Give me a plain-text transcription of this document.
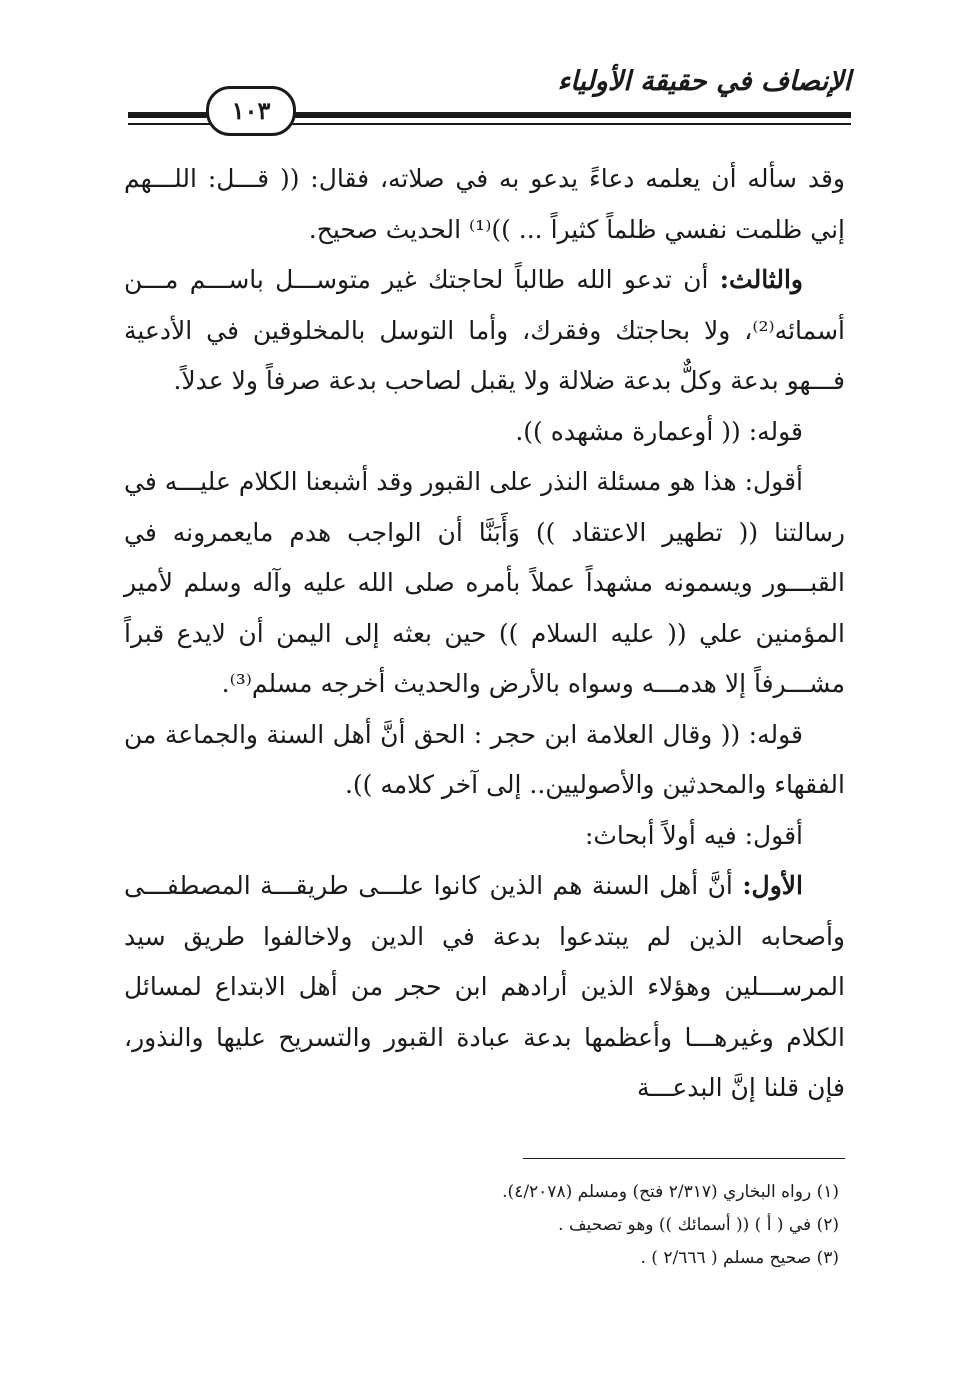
الإنصاف في حقيقة الأولياء
١٠٣

وقد سأله أن يعلمه دعاءً يدعو به في صلاته، فقال: (( قـــل: اللـــهم إني ظلمت نفسي ظلماً كثيراً ... ))⁽¹⁾ الحديث صحيح.

والثالث: أن تدعو الله طالباً لحاجتك غير متوســـل باســـم مـــن أسمائه⁽²⁾، ولا بحاجتك وفقرك، وأما التوسل بالمخلوقين في الأدعية فـــهو بدعة وكلٌّ بدعة ضلالة ولا يقبل لصاحب بدعة صرفاً ولا عدلاً.

قوله: (( أوعمارة مشهده )).

أقول: هذا هو مسئلة النذر على القبور وقد أشبعنا الكلام عليـــه في رسالتنا (( تطهير الاعتقاد )) وَأَبَنَّا أن الواجب هدم مايعمرونه في القبـــور ويسمونه مشهداً عملاً بأمره صلى الله عليه وآله وسلم لأمير المؤمنين علي (( عليه السلام )) حين بعثه إلى اليمن أن لايدع قبراً مشـــرفاً إلا هدمـــه وسواه بالأرض والحديث أخرجه مسلم⁽³⁾.

قوله: (( وقال العلامة ابن حجر : الحق أنَّ أهل السنة والجماعة من الفقهاء والمحدثين والأصوليين.. إلى آخر كلامه )).

أقول: فيه أولاً أبحاث:

الأول: أنَّ أهل السنة هم الذين كانوا علـــى طريقـــة المصطفـــى وأصحابه الذين لم يبتدعوا بدعة في الدين ولاخالفوا طريق سيد المرســـلين وهؤلاء الذين أرادهم ابن حجر من أهل الابتداع لمسائل الكلام وغيرهـــا وأعظمها بدعة عبادة القبور والتسريح عليها والنذور، فإن قلنا إنَّ البدعـــة

(١) رواه البخاري (٢/٣١٧ فتح) ومسلم (٤/٢٠٧٨).

(٢) في ( أ ) (( أسمائك )) وهو تصحيف .

(٣) صحيح مسلم ( ٢/٦٦٦ ) .
